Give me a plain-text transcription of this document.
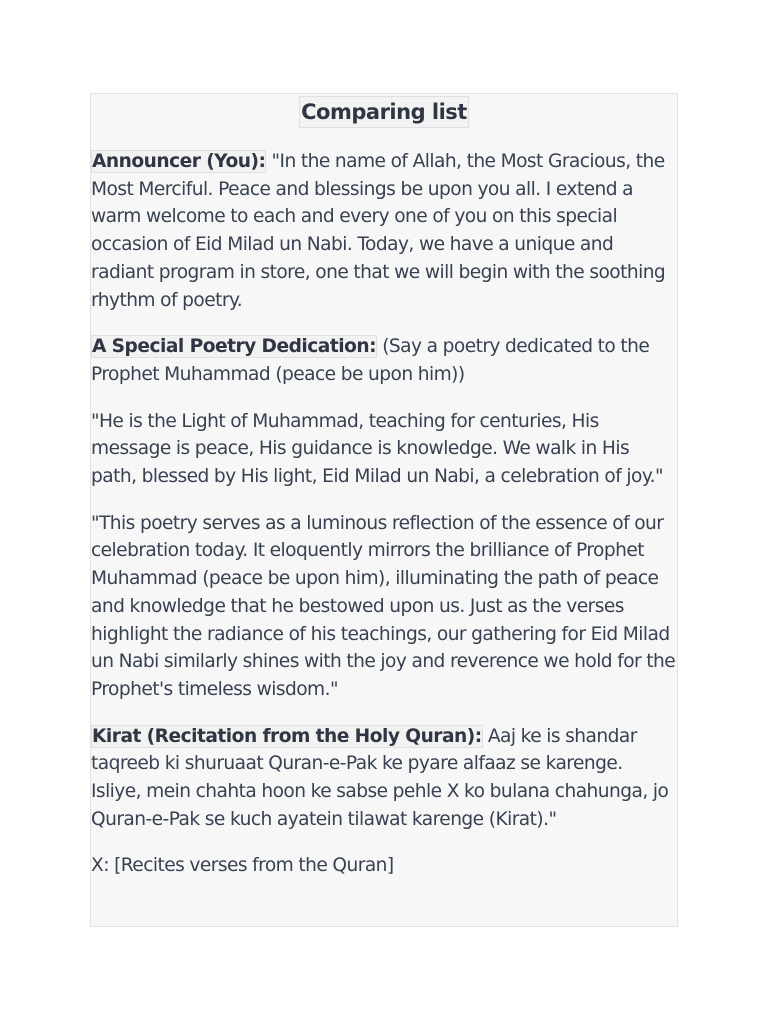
Comparing list

Announcer (You): "In the name of Allah, the Most Gracious, the Most Merciful. Peace and blessings be upon you all. I extend a warm welcome to each and every one of you on this special occasion of Eid Milad un Nabi. Today, we have a unique and radiant program in store, one that we will begin with the soothing rhythm of poetry.

A Special Poetry Dedication: (Say a poetry dedicated to the Prophet Muhammad (peace be upon him))

"He is the Light of Muhammad, teaching for centuries, His message is peace, His guidance is knowledge. We walk in His path, blessed by His light, Eid Milad un Nabi, a celebration of joy."

"This poetry serves as a luminous reflection of the essence of our celebration today. It eloquently mirrors the brilliance of Prophet Muhammad (peace be upon him), illuminating the path of peace and knowledge that he bestowed upon us. Just as the verses highlight the radiance of his teachings, our gathering for Eid Milad un Nabi similarly shines with the joy and reverence we hold for the Prophet's timeless wisdom."

Kirat (Recitation from the Holy Quran): Aaj ke is shandar taqreeb ki shuruaat Quran-e-Pak ke pyare alfaaz se karenge. Isliye, mein chahta hoon ke sabse pehle X ko bulana chahunga, jo Quran-e-Pak se kuch ayatein tilawat karenge (Kirat)."

X: [Recites verses from the Quran]
